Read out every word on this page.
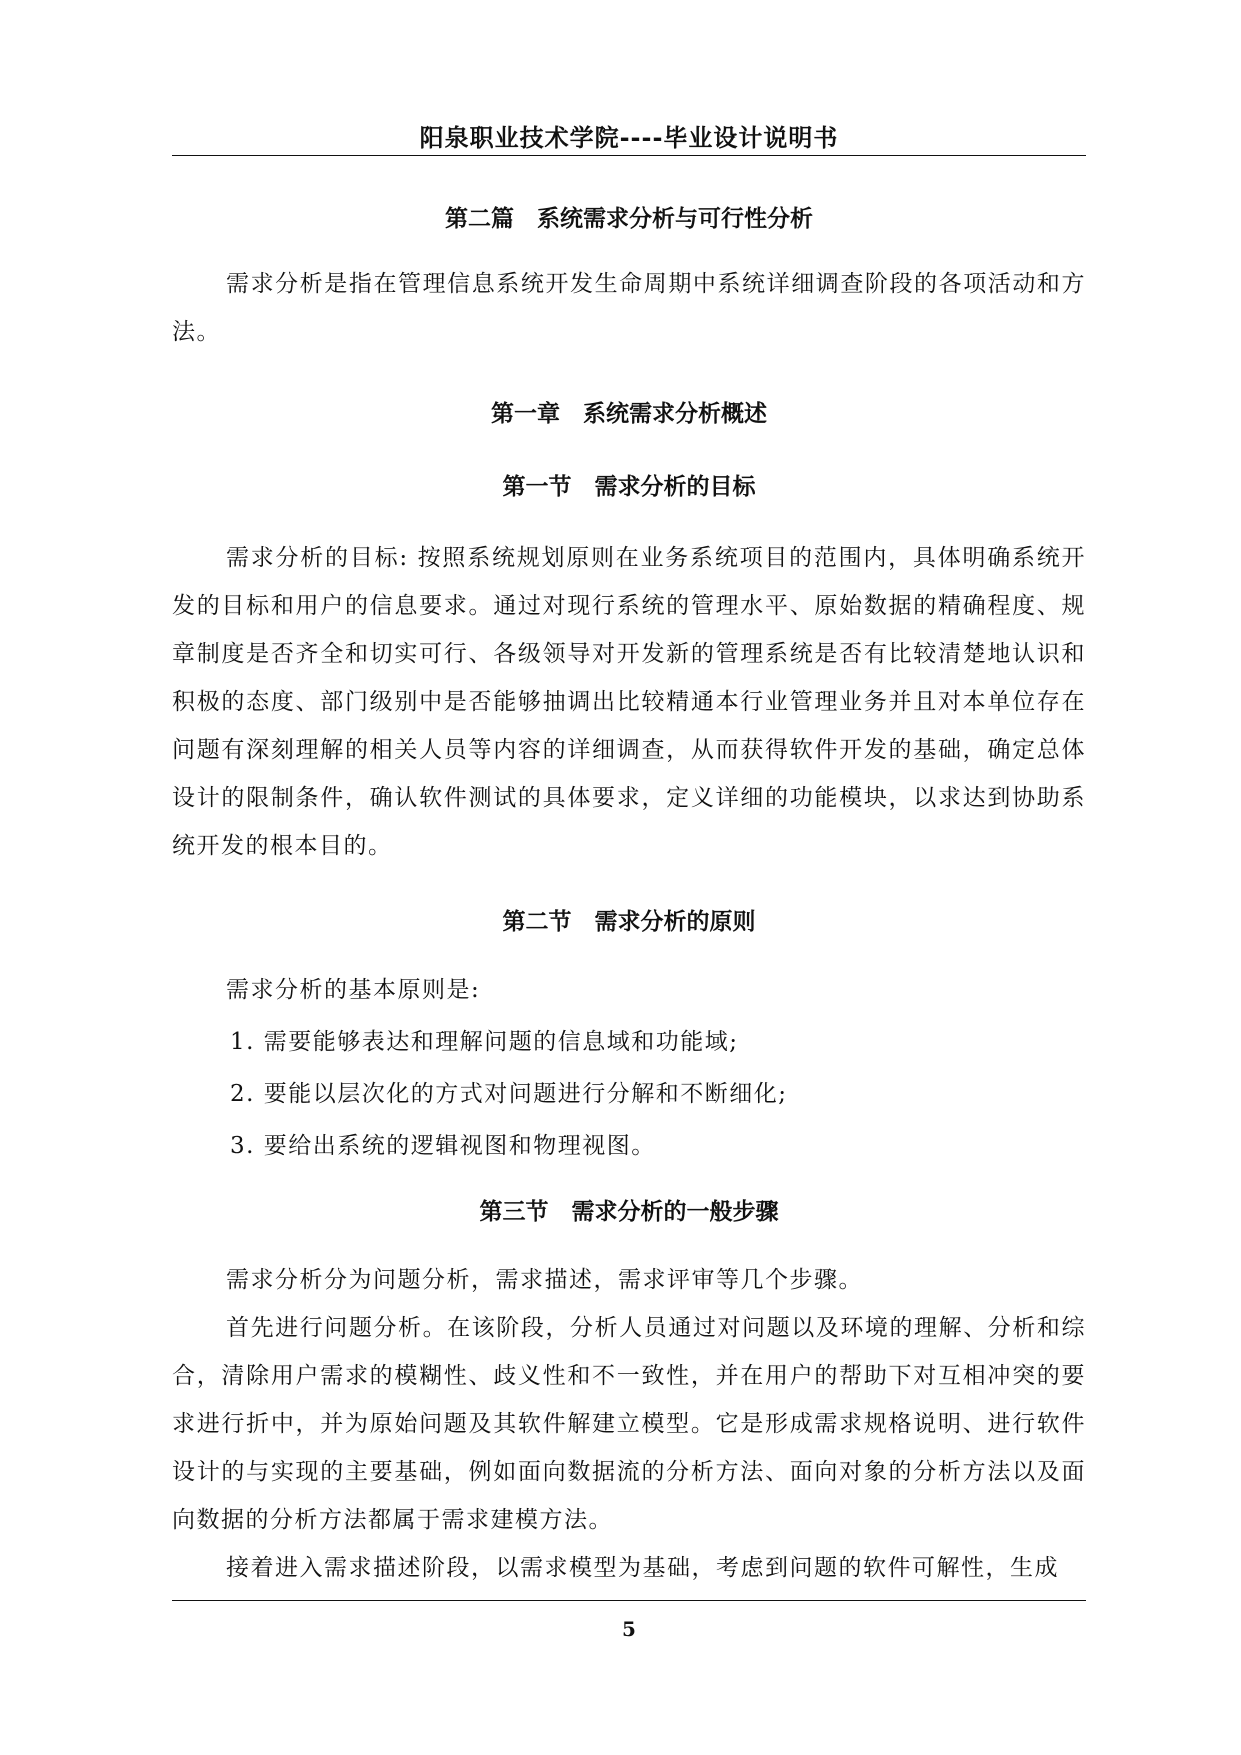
阳泉职业技术学院----毕业设计说明书
第二篇　系统需求分析与可行性分析
需求分析是指在管理信息系统开发生命周期中系统详细调查阶段的各项活动和方法。
第一章　系统需求分析概述
第一节　需求分析的目标
需求分析的目标: 按照系统规划原则在业务系统项目的范围内，具体明确系统开发的目标和用户的信息要求。通过对现行系统的管理水平、原始数据的精确程度、规章制度是否齐全和切实可行、各级领导对开发新的管理系统是否有比较清楚地认识和积极的态度、部门级别中是否能够抽调出比较精通本行业管理业务并且对本单位存在问题有深刻理解的相关人员等内容的详细调查，从而获得软件开发的基础，确定总体设计的限制条件，确认软件测试的具体要求，定义详细的功能模块，以求达到协助系统开发的根本目的。
第二节　需求分析的原则
需求分析的基本原则是:
1. 需要能够表达和理解问题的信息域和功能域;
2. 要能以层次化的方式对问题进行分解和不断细化;
3. 要给出系统的逻辑视图和物理视图。
第三节　需求分析的一般步骤
需求分析分为问题分析，需求描述，需求评审等几个步骤。
首先进行问题分析。在该阶段，分析人员通过对问题以及环境的理解、分析和综合，清除用户需求的模糊性、歧义性和不一致性，并在用户的帮助下对互相冲突的要求进行折中，并为原始问题及其软件解建立模型。它是形成需求规格说明、进行软件设计的与实现的主要基础，例如面向数据流的分析方法、面向对象的分析方法以及面向数据的分析方法都属于需求建模方法。
接着进入需求描述阶段，以需求模型为基础，考虑到问题的软件可解性，生成
5
